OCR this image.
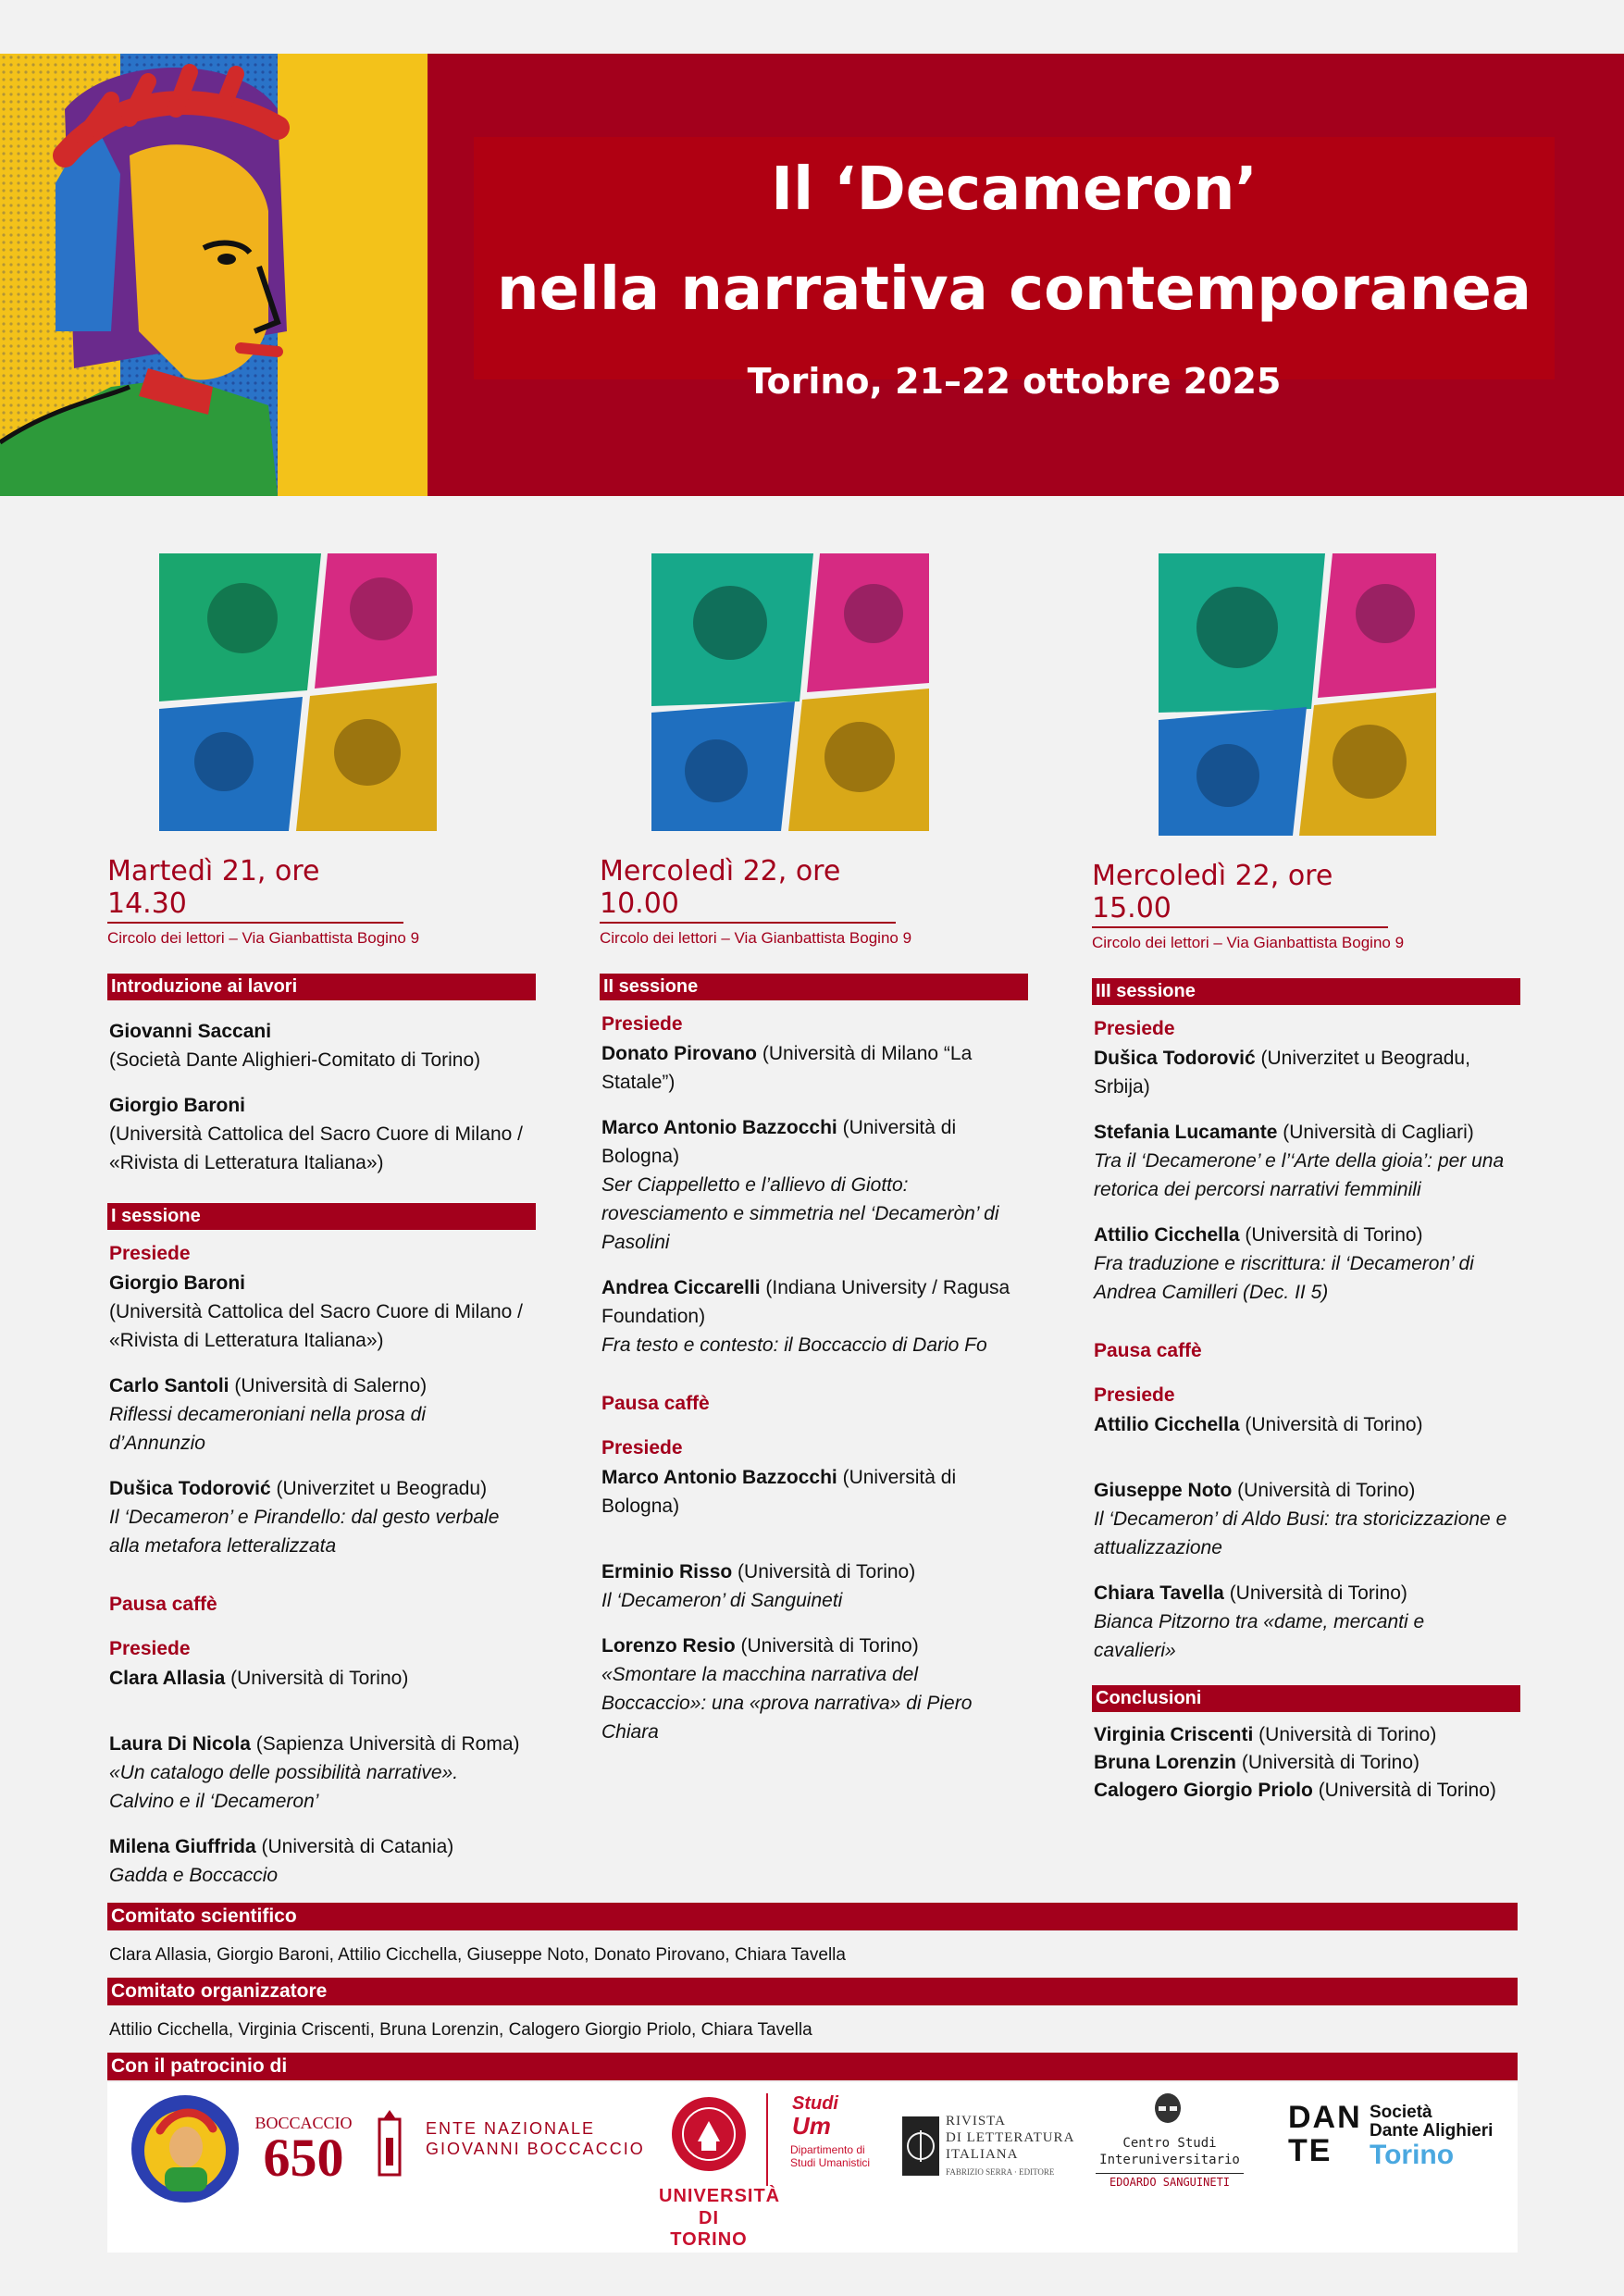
Il ‘Decameron’
nella narrativa contemporanea
Torino, 21–22 ottobre 2025
Martedì 21, ore 14.30
Circolo dei lettori – Via Gianbattista Bogino 9
Introduzione ai lavori
Giovanni Saccani
(Società Dante Alighieri-Comitato di Torino)
Giorgio Baroni
(Università Cattolica del Sacro Cuore di Milano / «Rivista di Letteratura Italiana»)
I sessione
Presiede
Giorgio Baroni
(Università Cattolica del Sacro Cuore di Milano / «Rivista di Letteratura Italiana»)
Carlo Santoli (Università di Salerno)
Riflessi decameroniani nella prosa di d’Annunzio
Dušica Todorović (Univerzitet u Beogradu)
Il ‘Decameron’ e Pirandello: dal gesto verbale alla metafora letteralizzata
Pausa caffè
Presiede
Clara Allasia (Università di Torino)
Laura Di Nicola (Sapienza Università di Roma)
«Un catalogo delle possibilità narrative». Calvino e il ‘Decameron’
Milena Giuffrida (Università di Catania)
Gadda e Boccaccio
Mercoledì 22, ore 10.00
Circolo dei lettori – Via Gianbattista Bogino 9
II sessione
Presiede
Donato Pirovano (Università di Milano “La Statale”)
Marco Antonio Bazzocchi (Università di Bologna)
Ser Ciappelletto e l’allievo di Giotto: rovesciamento e simmetria nel ‘Decameròn’ di Pasolini
Andrea Ciccarelli (Indiana University / Ragusa Foundation)
Fra testo e contesto: il Boccaccio di Dario Fo
Pausa caffè
Presiede
Marco Antonio Bazzocchi (Università di Bologna)
Erminio Risso (Università di Torino)
Il ‘Decameron’ di Sanguineti
Lorenzo Resio (Università di Torino)
«Smontare la macchina narrativa del Boccaccio»: una «prova narrativa» di Piero Chiara
Mercoledì 22, ore 15.00
Circolo dei lettori – Via Gianbattista Bogino 9
III sessione
Presiede
Dušica Todorović (Univerzitet u Beogradu, Srbija)
Stefania Lucamante (Università di Cagliari)
Tra il ‘Decamerone’ e l’‘Arte della gioia’: per una retorica dei percorsi narrativi femminili
Attilio Cicchella (Università di Torino)
Fra traduzione e riscrittura: il ‘Decameron’ di Andrea Camilleri (Dec. II 5)
Pausa caffè
Presiede
Attilio Cicchella (Università di Torino)
Giuseppe Noto (Università di Torino)
Il ‘Decameron’ di Aldo Busi: tra storicizzazione e attualizzazione
Chiara Tavella (Università di Torino)
Bianca Pitzorno tra «dame, mercanti e cavalieri»
Conclusioni
Virginia Criscenti (Università di Torino)
Bruna Lorenzin (Università di Torino)
Calogero Giorgio Priolo (Università di Torino)
Comitato scientifico
Clara Allasia, Giorgio Baroni, Attilio Cicchella, Giuseppe Noto, Donato Pirovano, Chiara Tavella
Comitato organizzatore
Attilio Cicchella, Virginia Criscenti, Bruna Lorenzin, Calogero Giorgio Priolo, Chiara Tavella
Con il patrocinio di
BOCCACCIO
650	ENTE NAZIONALE
GIOVANNI BOCCACCIO
UNIVERSITÀ
DI TORINO
Studi
Um
Dipartimento di
Studi Umanistici
RIVISTA
DI LETTERATURA
ITALIANA
FABRIZIO SERRA · EDITORE
Centro Studi
Interuniversitario
EDOARDO SANGUINETI
DAN
TE
Società
Dante Alighieri
Torino
